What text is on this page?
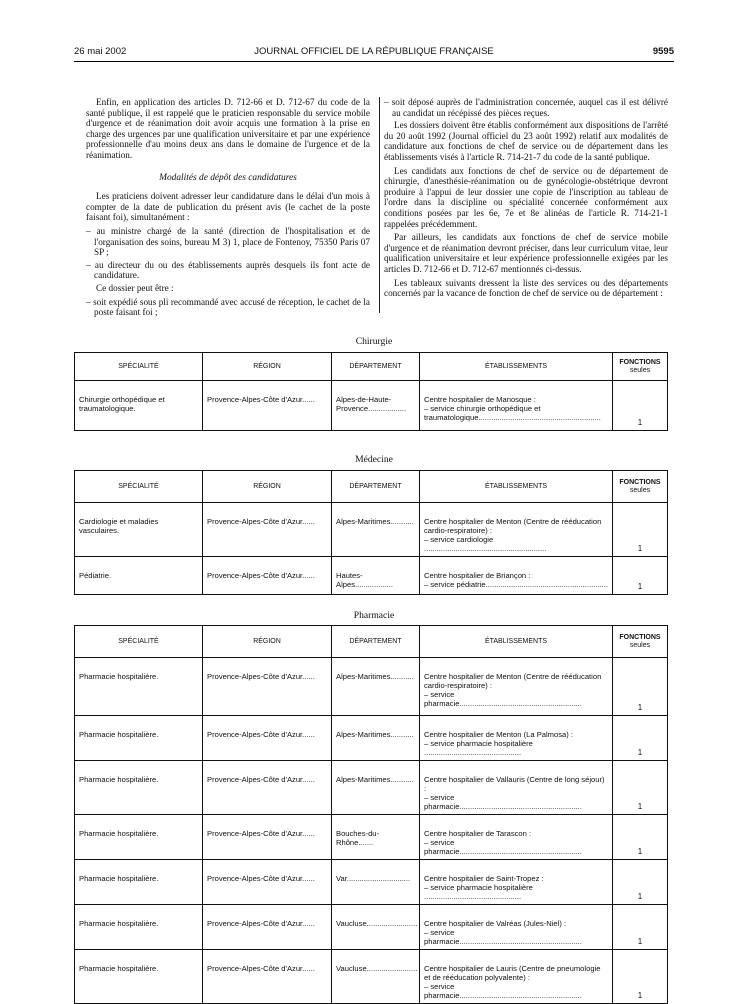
26 mai 2002	JOURNAL OFFICIEL DE LA RÉPUBLIQUE FRANÇAISE	9595

Enfin, en application des articles D. 712-66 et D. 712-67 du code de la santé publique, il est rappelé que le praticien responsable du service mobile d'urgence et de réanimation doit avoir acquis une formation à la prise en charge des urgences par une qualification universitaire et par une expérience professionnelle d'au moins deux ans dans le domaine de l'urgence et de la réanimation.

Modalités de dépôt des candidatures

Les praticiens doivent adresser leur candidature dans le délai d'un mois à compter de la date de publication du présent avis (le cachet de la poste faisant foi), simultanément :

– au ministre chargé de la santé (direction de l'hospitalisation et de l'organisation des soins, bureau M 3) 1, place de Fontenoy, 75350 Paris 07 SP ;

– au directeur du ou des établissements auprès desquels ils font acte de candidature.

Ce dossier peut être :

– soit expédié sous pli recommandé avec accusé de réception, le cachet de la poste faisant foi ;

– soit déposé auprès de l'administration concernée, auquel cas il est délivré au candidat un récépissé des pièces reçues.

Les dossiers doivent être établis conformément aux dispositions de l'arrêté du 20 août 1992 (Journal officiel du 23 août 1992) relatif aux modalités de candidature aux fonctions de chef de service ou de département dans les établissements visés à l'article R. 714-21-7 du code de la santé publique.

Les candidats aux fonctions de chef de service ou de département de chirurgie, d'anesthésie-réanimation ou de gynécologie-obstétrique devront produire à l'appui de leur dossier une copie de l'inscription au tableau de l'ordre dans la discipline ou spécialité concernée conformément aux conditions posées par les 6e, 7e et 8e alinéas de l'article R. 714-21-1 rappelées précédemment.

Par ailleurs, les candidats aux fonctions de chef de service mobile d'urgence et de réanimation devront préciser, dans leur curriculum vitae, leur qualification universitaire et leur expérience professionnelle exigées par les articles D. 712-66 et D. 712-67 mentionnés ci-dessus.

Les tableaux suivants dressent la liste des services ou des départements concernés par la vacance de fonction de chef de service ou de département :

Chirurgie
SPÉCIALITÉ	RÉGION	DÉPARTEMENT	ÉTABLISSEMENTS	FONCTIONS
seules

Chirurgie orthopédique et traumatologique.	Provence-Alpes-Côte d'Azur......	Alpes-de-Haute-Provence..................	Centre hospitalier de Manosque :
– service chirurgie orthopédique et traumatologique..........................................................	1
Médecine
SPÉCIALITÉ	RÉGION	DÉPARTEMENT	ÉTABLISSEMENTS	FONCTIONS
seules

Cardiologie et maladies vasculaires.	Provence-Alpes-Côte d'Azur......	Alpes-Maritimes...........	Centre hospitalier de Menton (Centre de rééducation cardio-respiratoire) :
– service cardiologie ..........................................................	1
Pédiatrie.	Provence-Alpes-Côte d'Azur......	Hautes-Alpes..................	Centre hospitalier de Briançon :
– service pédiatrie..........................................................	1
Pharmacie
SPÉCIALITÉ	RÉGION	DÉPARTEMENT	ÉTABLISSEMENTS	FONCTIONS
seules

Pharmacie hospitalière.	Provence-Alpes-Côte d'Azur......	Alpes-Maritimes...........	Centre hospitalier de Menton (Centre de rééducation cardio-respiratoire) :
– service pharmacie..........................................................	1
Pharmacie hospitalière.	Provence-Alpes-Côte d'Azur......	Alpes-Maritimes...........	Centre hospitalier de Menton (La Palmosa) :
– service pharmacie hospitalière ..............................................	1
Pharmacie hospitalière.	Provence-Alpes-Côte d'Azur......	Alpes-Maritimes...........	Centre hospitalier de Vallauris (Centre de long séjour) :
– service pharmacie..........................................................	1
Pharmacie hospitalière.	Provence-Alpes-Côte d'Azur......	Bouches-du-Rhône.......	Centre hospitalier de Tarascon :
– service pharmacie..........................................................	1
Pharmacie hospitalière.	Provence-Alpes-Côte d'Azur......	Var..............................	Centre hospitalier de Saint-Tropez :
– service pharmacie hospitalière ..............................................	1
Pharmacie hospitalière.	Provence-Alpes-Côte d'Azur......	Vaucluse........................	Centre hospitalier de Valréas (Jules-Niel) :
– service pharmacie..........................................................	1
Pharmacie hospitalière.	Provence-Alpes-Côte d'Azur......	Vaucluse........................	Centre hospitalier de Lauris (Centre de pneumologie et de rééducation polyvalente) :
– service pharmacie..........................................................	1
